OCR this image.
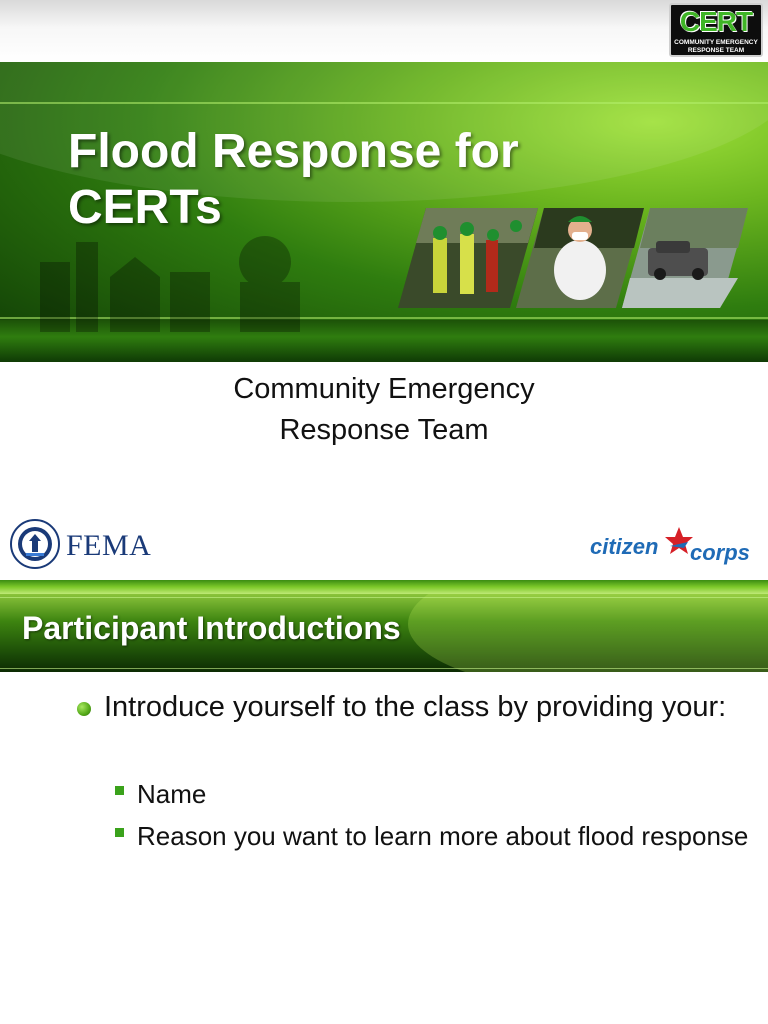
CERT
COMMUNITY EMERGENCY
RESPONSE TEAM
Flood Response for
CERTs
Community Emergency
Response Team
FEMA	citizen corps
Participant Introductions
Introduce yourself to the class by providing your:
Name
Reason you want to learn more about flood response
